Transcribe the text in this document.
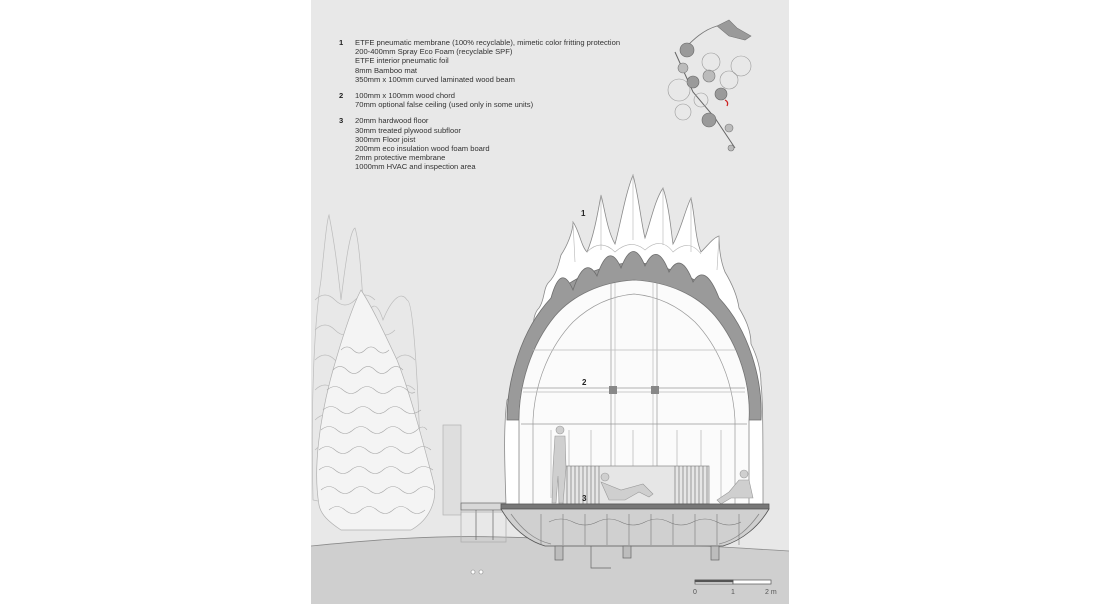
1 ETFE pneumatic membrane (100% recyclable), mimetic color fritting protection
200-400mm Spray Eco Foam (recyclable SPF)
ETFE interior pneumatic foil
8mm Bamboo mat
350mm x 100mm curved laminated wood beam
2 100mm x 100mm wood chord
70mm optional false ceiling (used only in some units)
3 20mm hardwood floor
30mm treated plywood subfloor
300mm Floor joist
200mm eco insulation wood foam board
2mm protective membrane
1000mm HVAC and inspection area
1
2
3
0	1	2 m
